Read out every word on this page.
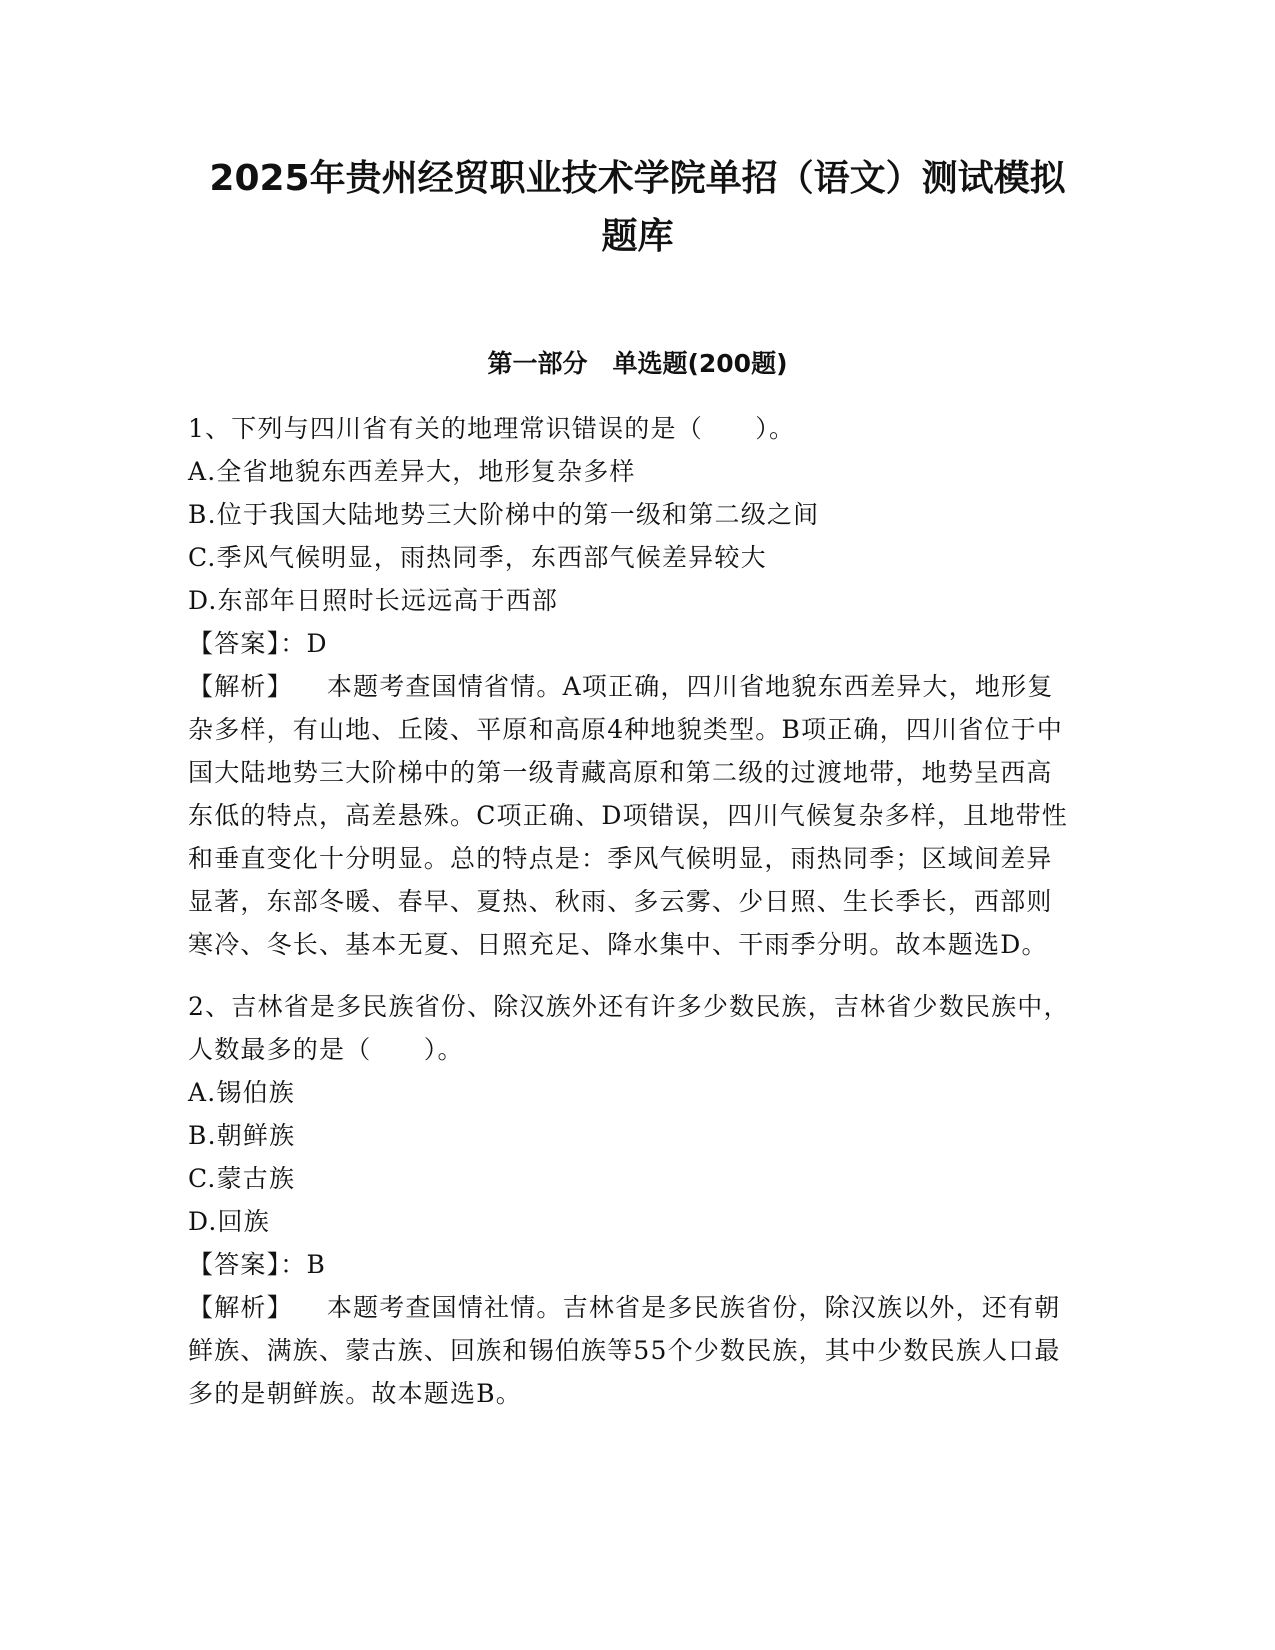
2025年贵州经贸职业技术学院单招（语文）测试模拟
题库
第一部分　单选题(200题)

1、下列与四川省有关的地理常识错误的是（　　）。

A.全省地貌东西差异大，地形复杂多样

B.位于我国大陆地势三大阶梯中的第一级和第二级之间

C.季风气候明显，雨热同季，东西部气候差异较大

D.东部年日照时长远远高于西部

【答案】：D

【解析】 本题考查国情省情。A项正确，四川省地貌东西差异大，地形复杂多样，有山地、丘陵、平原和高原4种地貌类型。B项正确，四川省位于中国大陆地势三大阶梯中的第一级青藏高原和第二级的过渡地带，地势呈西高东低的特点，高差悬殊。C项正确、D项错误，四川气候复杂多样，且地带性和垂直变化十分明显。总的特点是：季风气候明显，雨热同季；区域间差异显著，东部冬暖、春早、夏热、秋雨、多云雾、少日照、生长季长，西部则寒冷、冬长、基本无夏、日照充足、降水集中、干雨季分明。故本题选D。

2、吉林省是多民族省份、除汉族外还有许多少数民族，吉林省少数民族中，人数最多的是（　　）。

A.锡伯族

B.朝鲜族

C.蒙古族

D.回族

【答案】：B

【解析】 本题考查国情社情。吉林省是多民族省份，除汉族以外，还有朝鲜族、满族、蒙古族、回族和锡伯族等55个少数民族，其中少数民族人口最多的是朝鲜族。故本题选B。
